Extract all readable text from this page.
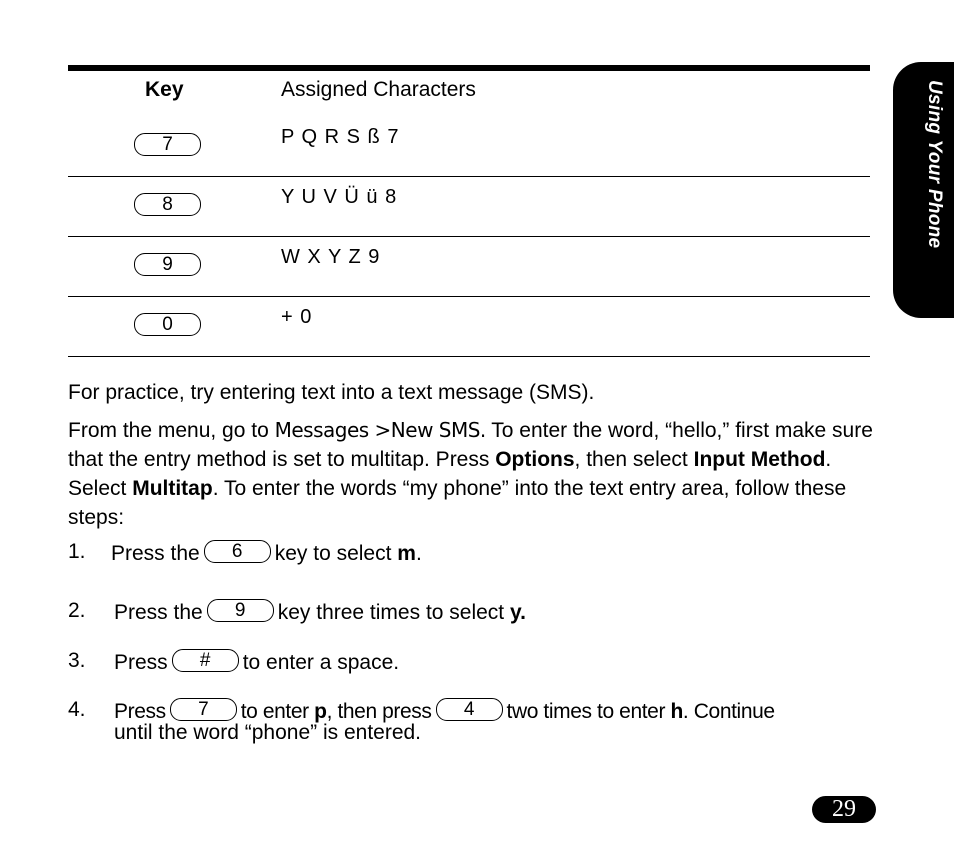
Using Your Phone
Key	Assigned Characters
7	P Q R S ß 7
8	Y U V Ü ü 8
9	W X Y Z 9
0	+ 0
For practice, try entering text into a text message (SMS).
From the menu, go to Messages >New SMS. To enter the word, “hello,” first make sure that the entry method is set to multitap. Press Options, then select Input Method. Select Multitap. To enter the words “my phone” into the text entry area, follow these steps:
1. Press the	6	key to select m.
2. Press the	9	key three times to select y.
3. Press	#	to enter a space.
4. Press	7	to enter p, then press	4	two times to enter h. Continue
until the word “phone” is entered.
29
